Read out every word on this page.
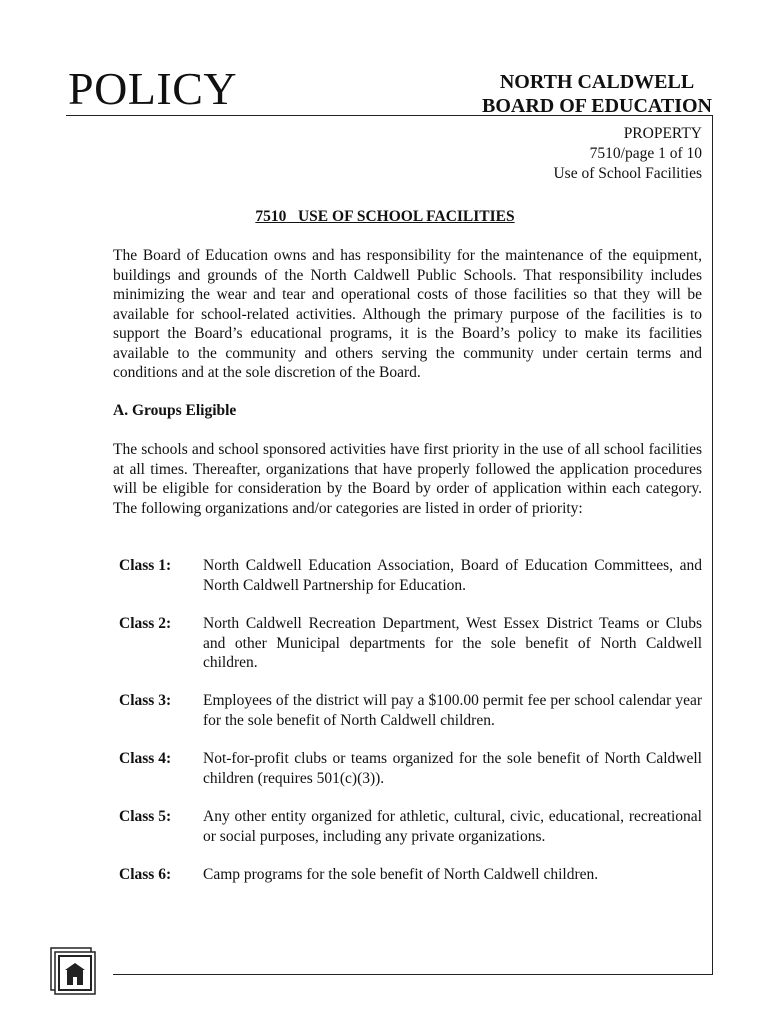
POLICY	NORTH CALDWELL
BOARD OF EDUCATION
PROPERTY
7510/page 1 of 10
Use of School Facilities
7510 USE OF SCHOOL FACILITIES
The Board of Education owns and has responsibility for the maintenance of the equipment, buildings and grounds of the North Caldwell Public Schools. That responsibility includes minimizing the wear and tear and operational costs of those facilities so that they will be available for school-related activities. Although the primary purpose of the facilities is to support the Board’s educational programs, it is the Board’s policy to make its facilities available to the community and others serving the community under certain terms and conditions and at the sole discretion of the Board.
A. Groups Eligible
The schools and school sponsored activities have first priority in the use of all school facilities at all times. Thereafter, organizations that have properly followed the application procedures will be eligible for consideration by the Board by order of application within each category. The following organizations and/or categories are listed in order of priority:
Class 1: North Caldwell Education Association, Board of Education Committees, and North Caldwell Partnership for Education.
Class 2: North Caldwell Recreation Department, West Essex District Teams or Clubs and other Municipal departments for the sole benefit of North Caldwell children.
Class 3: Employees of the district will pay a $100.00 permit fee per school calendar year for the sole benefit of North Caldwell children.
Class 4: Not-for-profit clubs or teams organized for the sole benefit of North Caldwell children (requires 501(c)(3)).
Class 5: Any other entity organized for athletic, cultural, civic, educational, recreational or social purposes, including any private organizations.
Class 6: Camp programs for the sole benefit of North Caldwell children.
